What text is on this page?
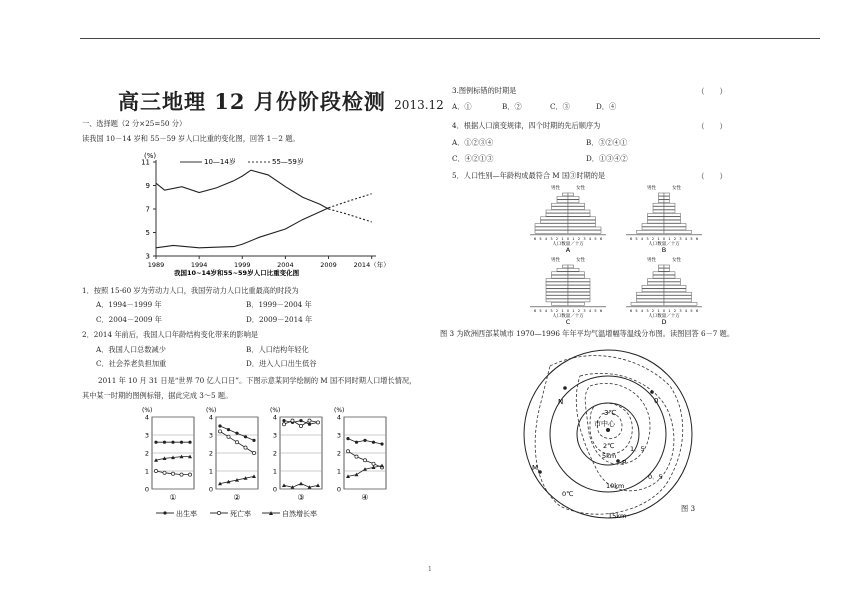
高三地理 12 月份阶段检测 2013.12
一、选择题（2 分×25=50 分）
读我国 10－14 岁和 55－59 岁人口比重的变化图，回答 1－2 题。
(%)
3
5
7
9
11
1989	1994	1999	2004	2009	2014（年）
10—14岁	55—59岁
我国10~14岁和55~59岁人口比重变化图
1．按照 15-60 岁为劳动力人口，我国劳动力人口比重最高的时段为
A．1994－1999 年	B．1999－2004 年
C．2004－2009 年	D．2009－2014 年
2．2014 年前后，我国人口年龄结构变化带来的影响是
A．我国人口总数减少	B．人口结构年轻化
C．社会养老负担加重	D．进入人口出生低谷
2011 年 10 月 31 日是“世界 70 亿人口日”。下图示意某同学绘制的 M 国不同时期人口增长情况，
其中某一时期的图例标错，据此完成 3～5 题。
(%)
0
1
2
3
4
①
(%)
0
1
2
3
4
②
(%)
0
1
2
3
4
③
(%)
0
1
2
3
4
④
出生率	死亡率	自然增长率
3.图例标错的时期是	（　　）
A．①	B．②	C．③	D．④
4．根据人口演变规律，四个时期的先后顺序为	（　　）
A．①②③④	B．③②④①
C．④②①③	D．①③④②
5．人口性别—年龄构成最符合 M 国③时期的是	（　　）
男性	女性
0
1	1
2	2
3	3
4	4
5	5
6	6
人口数量／十万
A
男性	女性
0
1	1
2	2
3	3
4	4
5	5
6	6
人口数量／十万
B
男性	女性
0
1	1
2	2
3	3
4	4
5	5
6	6
人口数量／十万
C
男性	女性
0
1	1
2	2
3	3
4	4
5	5
6	6
人口数量／十万
D
图 3 为欧洲西部某城市 1970—1996 年年平均气温增幅等温线分布图。读图回答 6－7 题。
N	0
M
P
3℃
市中心
2℃ 1．5
5km
0．5
10km
0℃
15km
图 3
1
